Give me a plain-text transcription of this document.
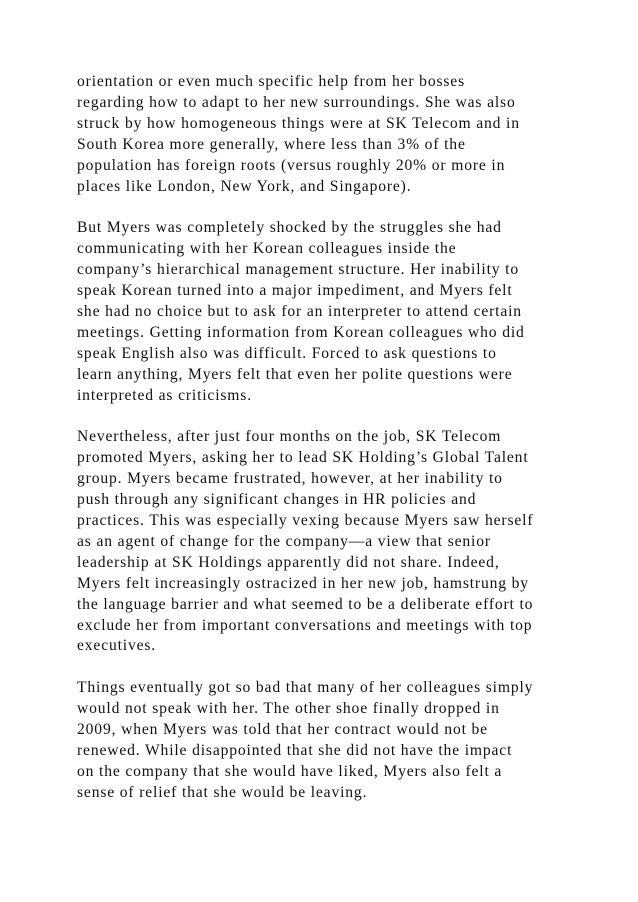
orientation or even much specific help from her bosses
regarding how to adapt to her new surroundings. She was also
struck by how homogeneous things were at SK Telecom and in
South Korea more generally, where less than 3% of the
population has foreign roots (versus roughly 20% or more in
places like London, New York, and Singapore).

But Myers was completely shocked by the struggles she had
communicating with her Korean colleagues inside the
company’s hierarchical management structure. Her inability to
speak Korean turned into a major impediment, and Myers felt
she had no choice but to ask for an interpreter to attend certain
meetings. Getting information from Korean colleagues who did
speak English also was difficult. Forced to ask questions to
learn anything, Myers felt that even her polite questions were
interpreted as criticisms.

Nevertheless, after just four months on the job, SK Telecom
promoted Myers, asking her to lead SK Holding’s Global Talent
group. Myers became frustrated, however, at her inability to
push through any significant changes in HR policies and
practices. This was especially vexing because Myers saw herself
as an agent of change for the company—a view that senior
leadership at SK Holdings apparently did not share. Indeed,
Myers felt increasingly ostracized in her new job, hamstrung by
the language barrier and what seemed to be a deliberate effort to
exclude her from important conversations and meetings with top
executives.

Things eventually got so bad that many of her colleagues simply
would not speak with her. The other shoe finally dropped in
2009, when Myers was told that her contract would not be
renewed. While disappointed that she did not have the impact
on the company that she would have liked, Myers also felt a
sense of relief that she would be leaving.
